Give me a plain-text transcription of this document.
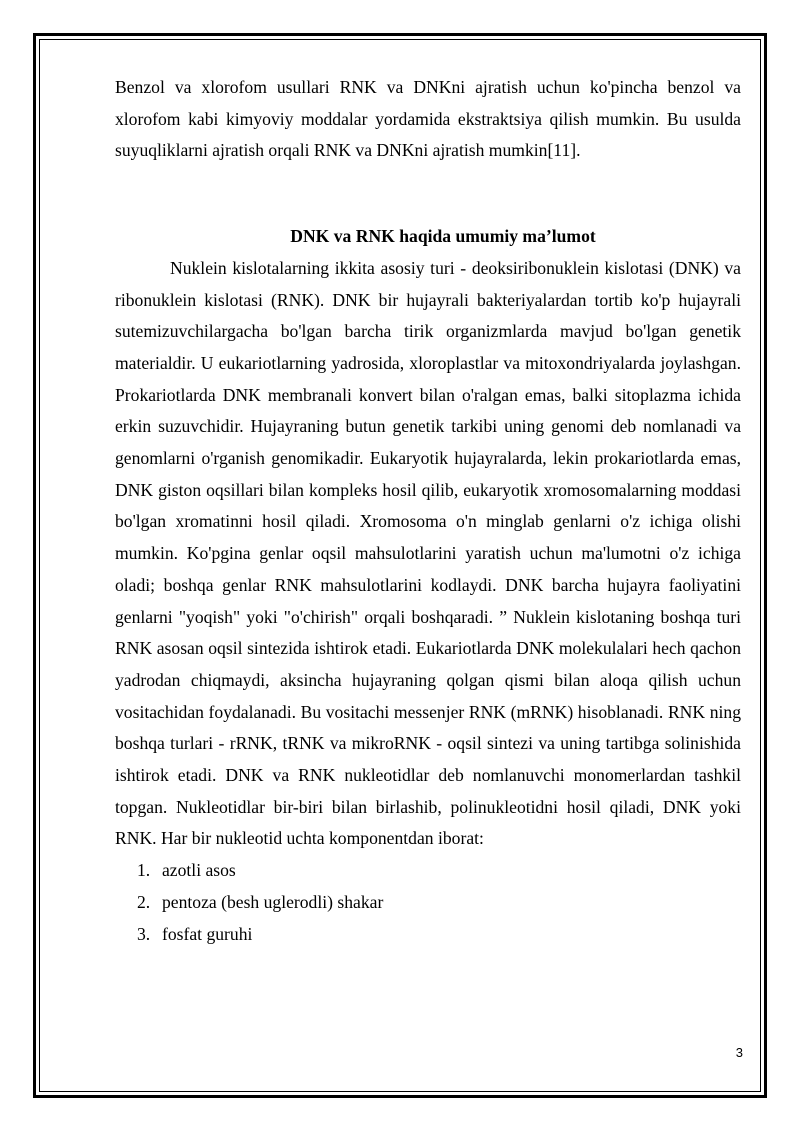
Benzol va xlorofom usullari RNK va DNKni ajratish uchun ko'pincha benzol va xlorofom kabi kimyoviy moddalar yordamida ekstraktsiya qilish mumkin. Bu usulda suyuqliklarni ajratish orqali RNK va DNKni ajratish mumkin[11].

DNK va RNK haqida umumiy ma’lumot

Nuklein kislotalarning ikkita asosiy turi - deoksiribonuklein kislotasi (DNK) va ribonuklein kislotasi (RNK). DNK bir hujayrali bakteriyalardan tortib ko'p hujayrali sutemizuvchilargacha bo'lgan barcha tirik organizmlarda mavjud bo'lgan genetik materialdir. U eukariotlarning yadrosida, xloroplastlar va mitoxondriyalarda joylashgan. Prokariotlarda DNK membranali konvert bilan o'ralgan emas, balki sitoplazma ichida erkin suzuvchidir. Hujayraning butun genetik tarkibi uning genomi deb nomlanadi va genomlarni o'rganish genomikadir. Eukaryotik hujayralarda, lekin prokariotlarda emas, DNK giston oqsillari bilan kompleks hosil qilib, eukaryotik xromosomalarning moddasi bo'lgan xromatinni hosil qiladi. Xromosoma o'n minglab genlarni o'z ichiga olishi mumkin. Ko'pgina genlar oqsil mahsulotlarini yaratish uchun ma'lumotni o'z ichiga oladi; boshqa genlar RNK mahsulotlarini kodlaydi. DNK barcha hujayra faoliyatini genlarni "yoqish" yoki "o'chirish" orqali boshqaradi. ” Nuklein kislotaning boshqa turi RNK asosan oqsil sintezida ishtirok etadi. Eukariotlarda DNK molekulalari hech qachon yadrodan chiqmaydi, aksincha hujayraning qolgan qismi bilan aloqa qilish uchun vositachidan foydalanadi. Bu vositachi messenjer RNK (mRNK) hisoblanadi. RNK ning boshqa turlari - rRNK, tRNK va mikroRNK - oqsil sintezi va uning tartibga solinishida ishtirok etadi. DNK va RNK nukleotidlar deb nomlanuvchi monomerlardan tashkil topgan. Nukleotidlar bir-biri bilan birlashib, polinukleotidni hosil qiladi, DNK yoki RNK. Har bir nukleotid uchta komponentdan iborat:

1. azotli asos
2. pentoza (besh uglerodli) shakar
3. fosfat guruhi
3
